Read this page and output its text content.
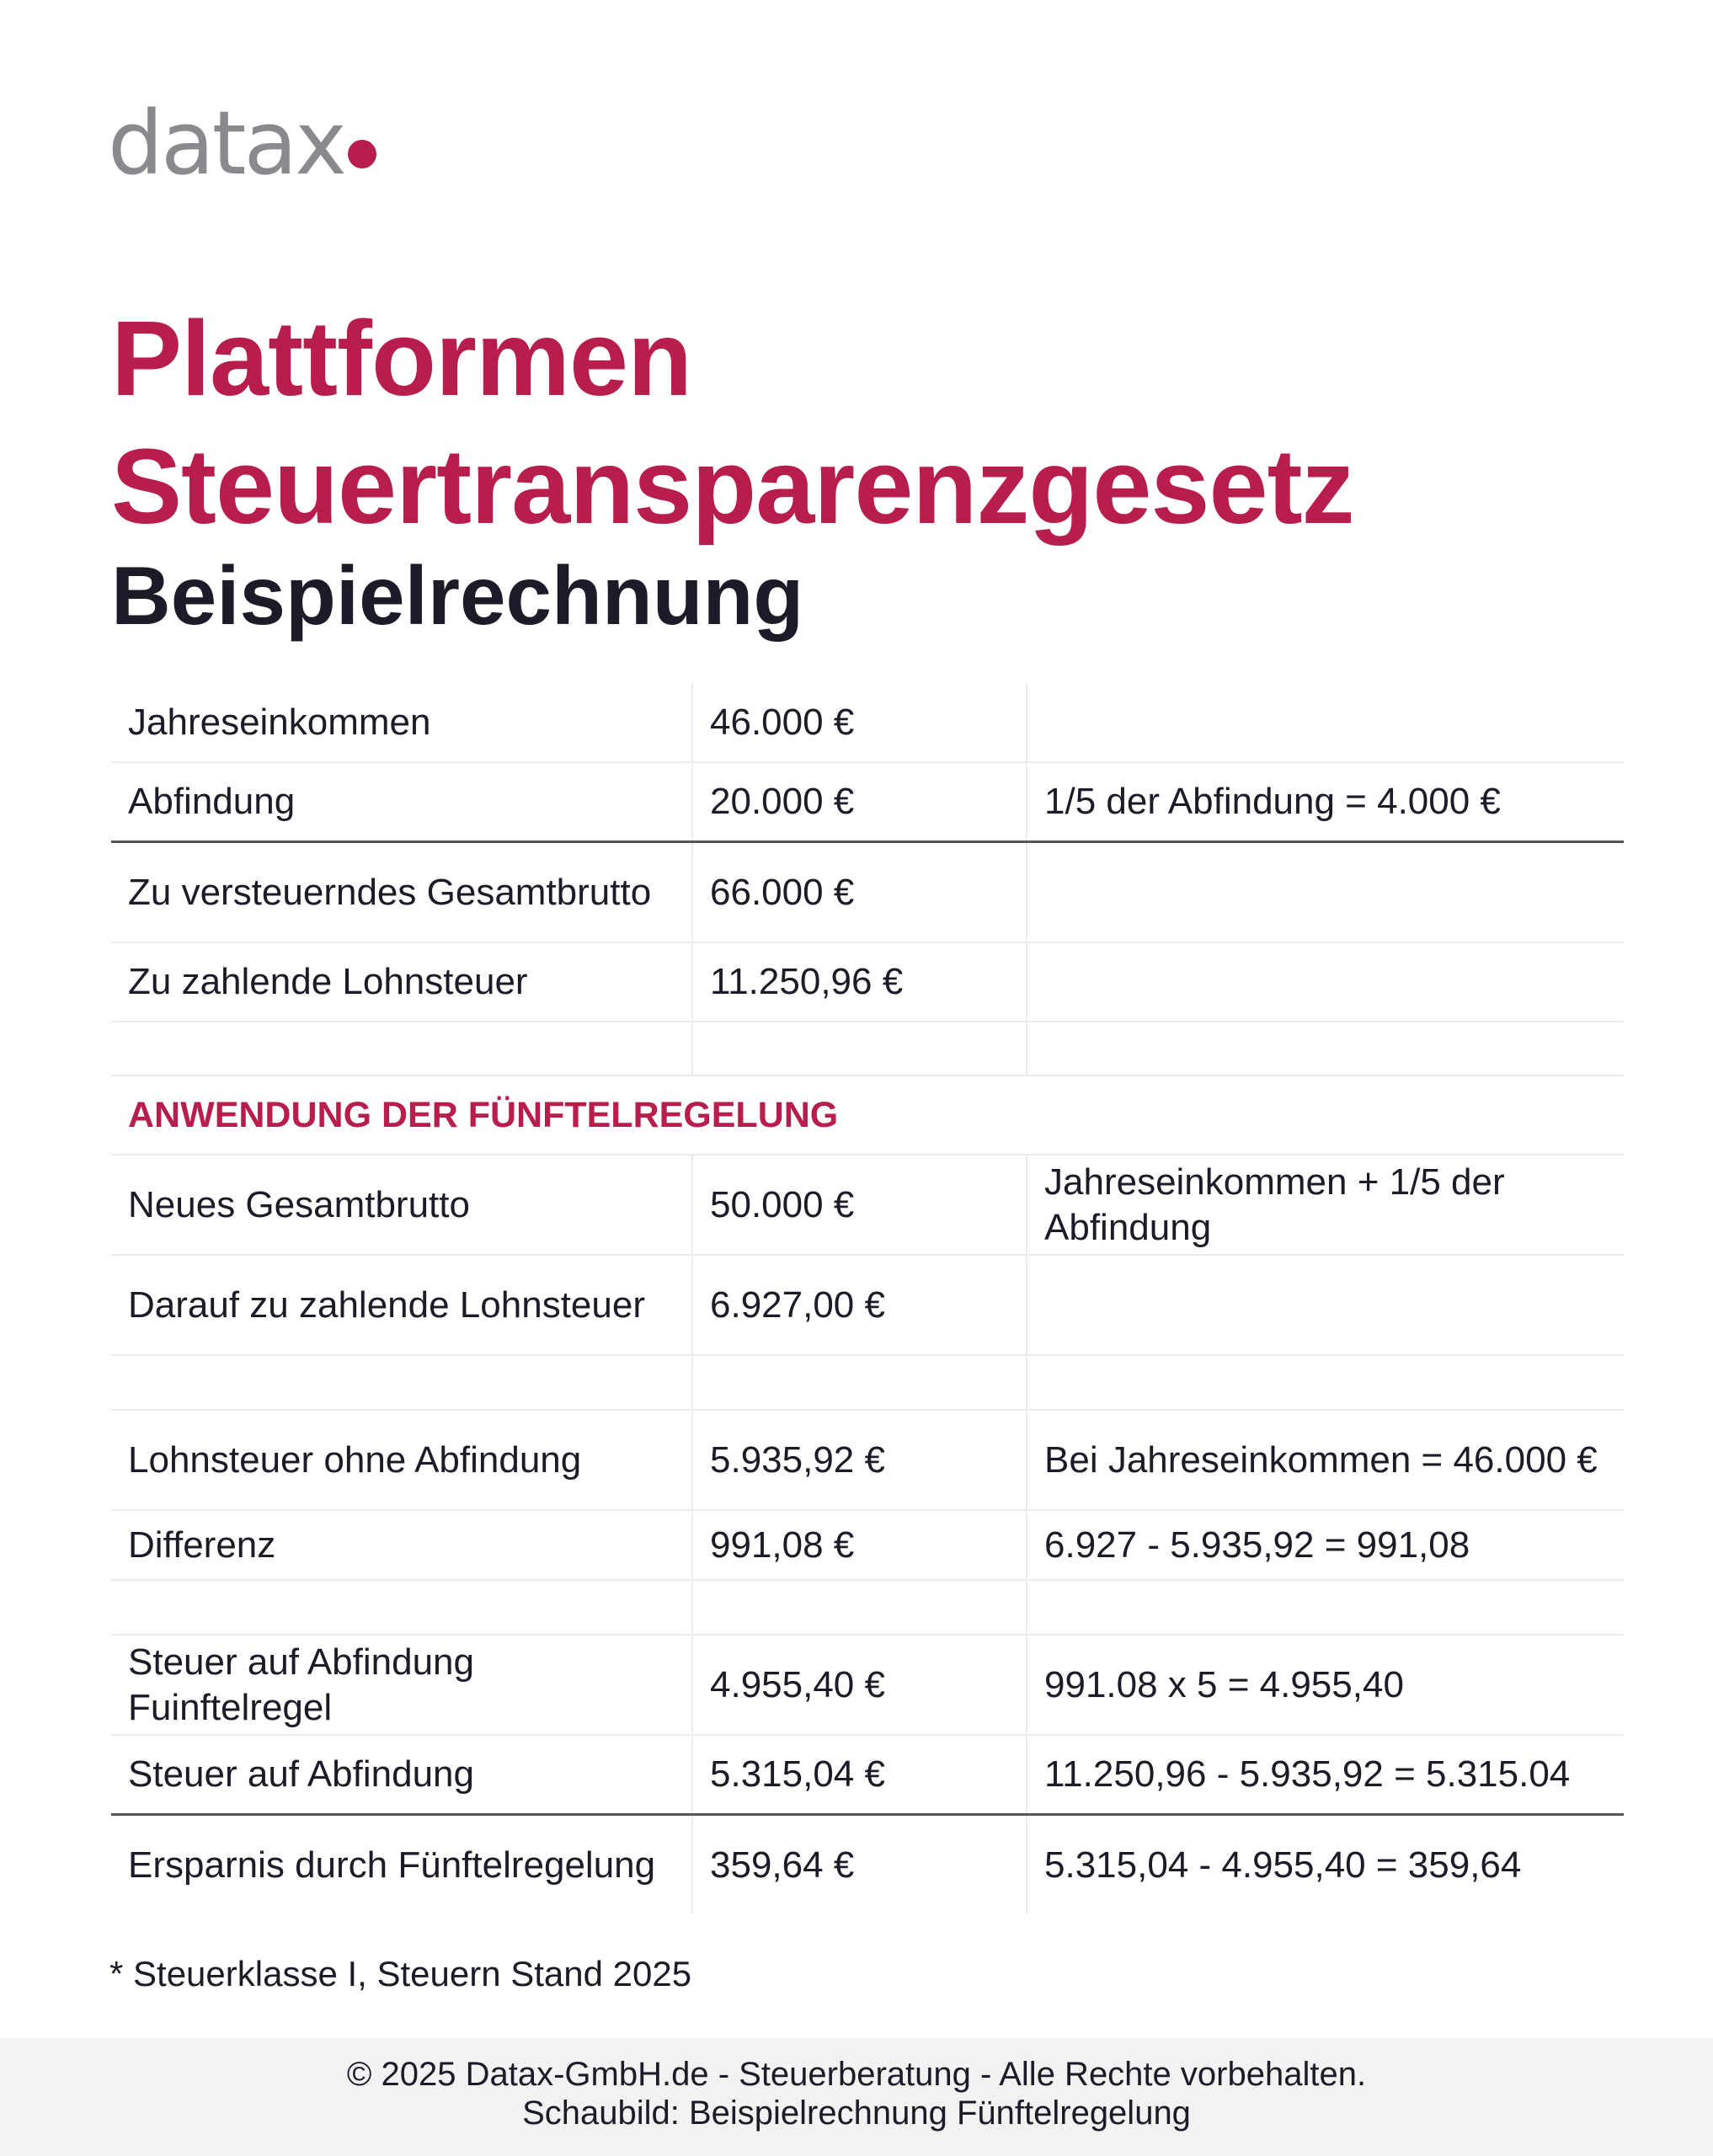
datax
Plattformen
Steuertransparenzgesetz
Beispielrechnung
Jahreseinkommen	46.000 €	
Abfindung	20.000 €	1/5 der Abfindung = 4.000 €
Zu versteuerndes Gesamtbrutto	66.000 €	
Zu zahlende Lohnsteuer	11.250,96 €	

ANWENDUNG DER FÜNFTELREGELUNG		
Neues Gesamtbrutto	50.000 €	Jahreseinkommen + 1/5 der Abfindung
Darauf zu zahlende Lohnsteuer	6.927,00 €	

Lohnsteuer ohne Abfindung	5.935,92 €	Bei Jahreseinkommen = 46.000 €
Differenz	991,08 €	6.927 - 5.935,92 = 991,08

Steuer auf Abfindung Fuinftelregel	4.955,40 €	991.08 x 5 = 4.955,40
Steuer auf Abfindung	5.315,04 €	11.250,96 - 5.935,92 = 5.315.04
Ersparnis durch Fünftelregelung	359,64 €	5.315,04 - 4.955,40 = 359,64
* Steuerklasse I, Steuern Stand 2025
© 2025 Datax-GmbH.de - Steuerberatung - Alle Rechte vorbehalten.
Schaubild: Beispielrechnung Fünftelregelung
